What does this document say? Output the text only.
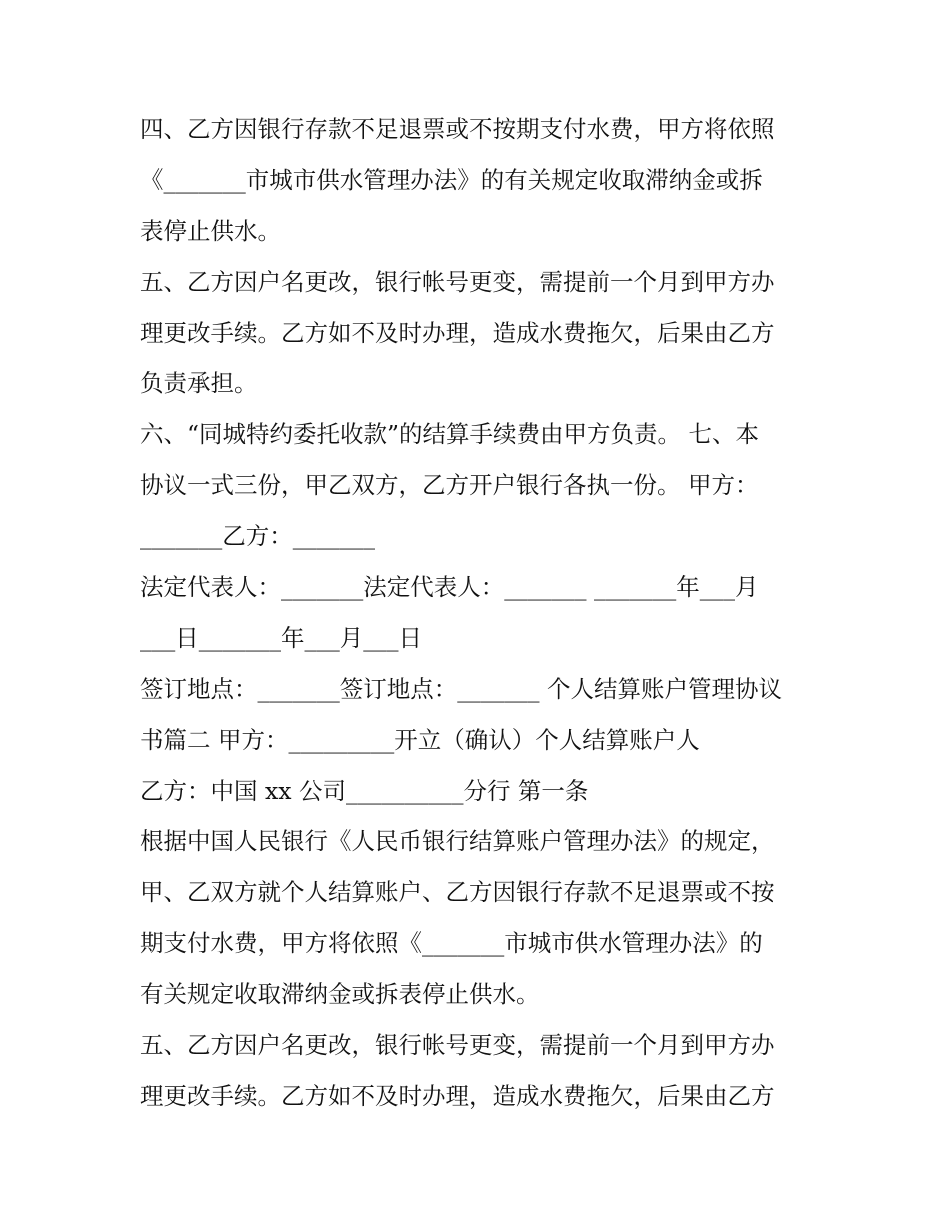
四、乙方因银行存款不足退票或不按期支付水费，甲方将依照
《_______市城市供水管理办法》的有关规定收取滞纳金或拆
表停止供水。
五、乙方因户名更改，银行帐号更变，需提前一个月到甲方办
理更改手续。乙方如不及时办理，造成水费拖欠，后果由乙方
负责承担。
六、“同城特约委托收款”的结算手续费由甲方负责。 七、本
协议一式三份，甲乙双方，乙方开户银行各执一份。 甲方：
_______乙方：_______
法定代表人：_______法定代表人：_______ _______年___月
___日_______年___月___日
签订地点：_______签订地点：_______ 个人结算账户管理协议
书篇二 甲方：_________开立（确认）个人结算账户人
乙方：中国 xx 公司__________分行 第一条
根据中国人民银行《人民币银行结算账户管理办法》的规定，
甲、乙双方就个人结算账户、乙方因银行存款不足退票或不按
期支付水费，甲方将依照《_______市城市供水管理办法》的
有关规定收取滞纳金或拆表停止供水。
五、乙方因户名更改，银行帐号更变，需提前一个月到甲方办
理更改手续。乙方如不及时办理，造成水费拖欠，后果由乙方
